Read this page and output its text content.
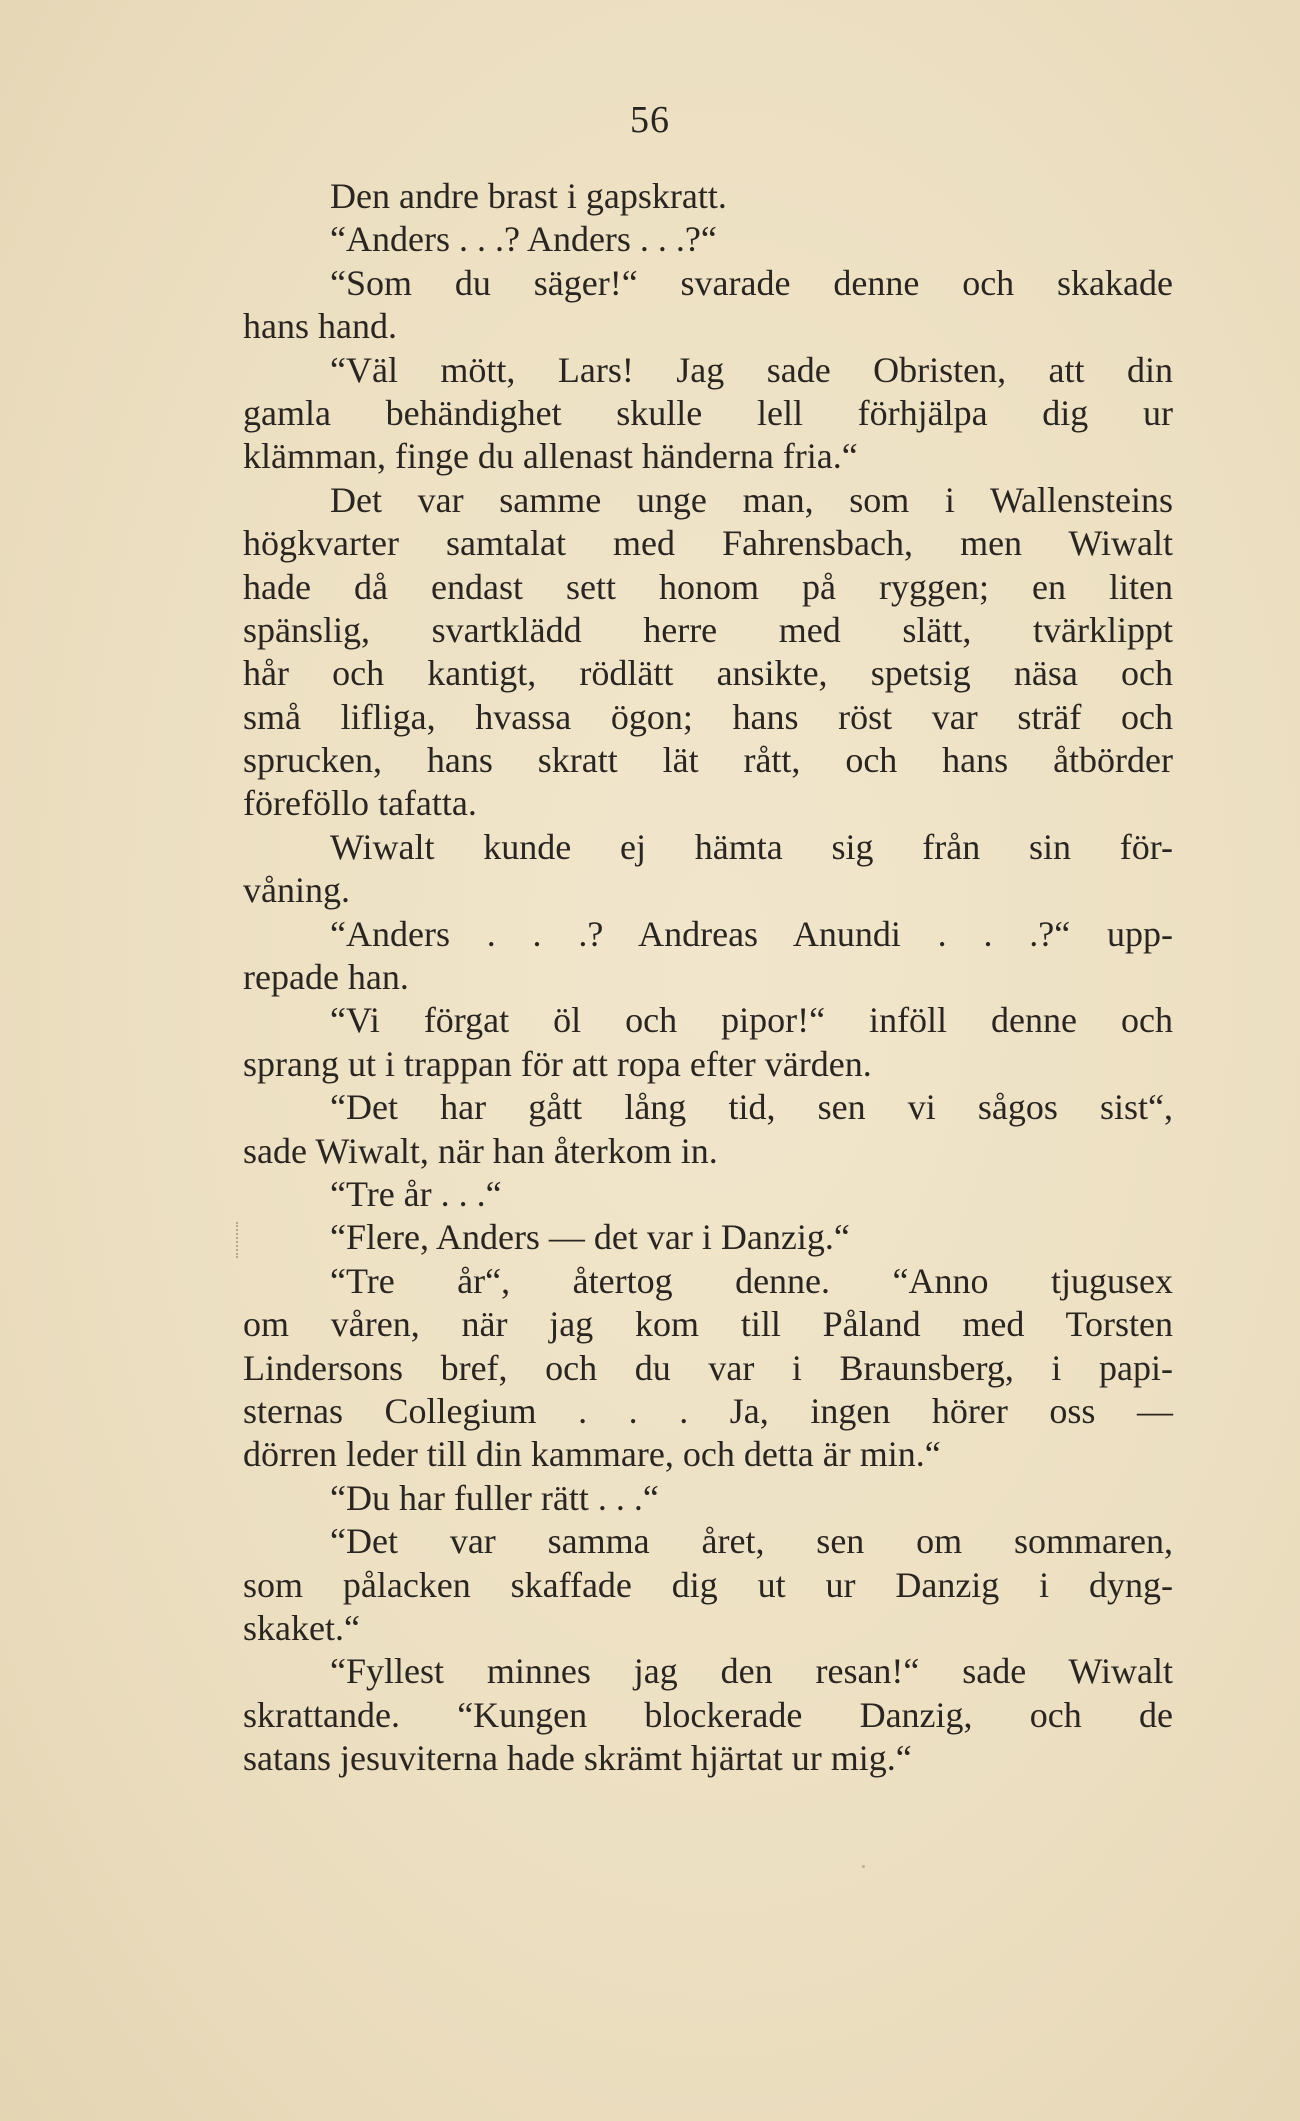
56
Den andre brast i gapskratt.
“Anders . . .? Anders . . .?“
“Som du säger!“ svarade denne och skakade
hans hand.
“Väl mött, Lars! Jag sade Obristen, att din
gamla behändighet skulle lell förhjälpa dig ur
klämman, finge du allenast händerna fria.“
Det var samme unge man, som i Wallensteins
högkvarter samtalat med Fahrensbach, men Wiwalt
hade då endast sett honom på ryggen; en liten
spänslig, svartklädd herre med slätt, tvärklippt
hår och kantigt, rödlätt ansikte, spetsig näsa och
små lifliga, hvassa ögon; hans röst var sträf och
sprucken, hans skratt lät rått, och hans åtbörder
föreföllo tafatta.
Wiwalt kunde ej hämta sig från sin för-
våning.
“Anders . . .? Andreas Anundi . . .?“ upp-
repade han.
“Vi förgat öl och pipor!“ inföll denne och
sprang ut i trappan för att ropa efter värden.
“Det har gått lång tid, sen vi sågos sist“,
sade Wiwalt, när han återkom in.
“Tre år . . .“
“Flere, Anders — det var i Danzig.“
“Tre år“, återtog denne. “Anno tjugusex
om våren, när jag kom till Påland med Torsten
Lindersons bref, och du var i Braunsberg, i papi-
sternas Collegium . . . Ja, ingen hörer oss —
dörren leder till din kammare, och detta är min.“
“Du har fuller rätt . . .“
“Det var samma året, sen om sommaren,
som pålacken skaffade dig ut ur Danzig i dyng-
skaket.“
“Fyllest minnes jag den resan!“ sade Wiwalt
skrattande. “Kungen blockerade Danzig, och de
satans jesuviterna hade skrämt hjärtat ur mig.“
